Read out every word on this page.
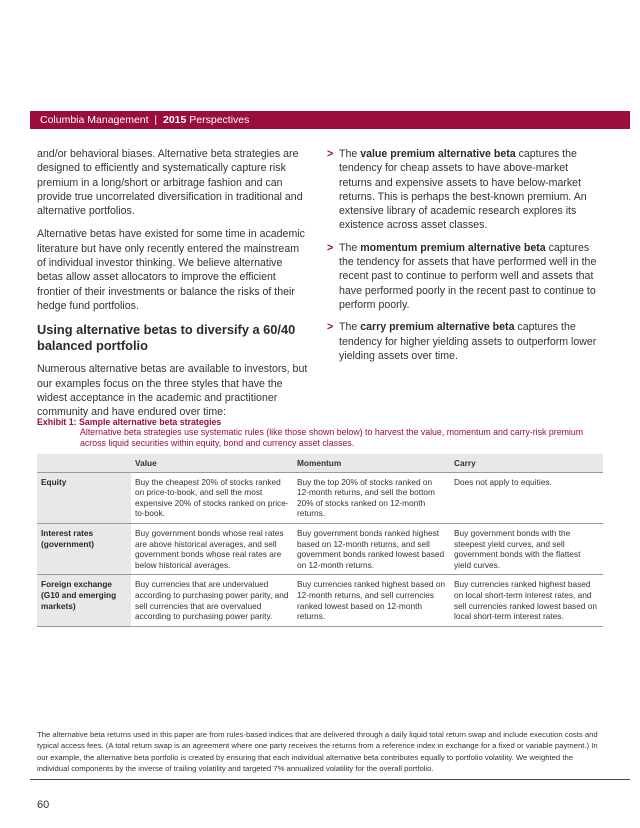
Columbia Management | 2015 Perspectives

and/or behavioral biases. Alternative beta strategies are designed to efficiently and systematically capture risk premium in a long/short or arbitrage fashion and can provide true uncorrelated diversification in traditional and alternative portfolios.

Alternative betas have existed for some time in academic literature but have only recently entered the mainstream of individual investor thinking. We believe alternative betas allow asset allocators to improve the efficient frontier of their investments or balance the risks of their hedge fund portfolios.

Using alternative betas to diversify a 60/40 balanced portfolio

Numerous alternative betas are available to investors, but our examples focus on the three styles that have the widest acceptance in the academic and practitioner community and have endured over time:

> The value premium alternative beta captures the tendency for cheap assets to have above-market returns and expensive assets to have below-market returns. This is perhaps the best-known premium. An extensive library of academic research explores its existence across asset classes.
> The momentum premium alternative beta captures the tendency for assets that have performed well in the recent past to continue to perform well and assets that have performed poorly in the recent past to continue to perform poorly.
> The carry premium alternative beta captures the tendency for higher yielding assets to outperform lower yielding assets over time.
Exhibit 1: Sample alternative beta strategies
Alternative beta strategies use systematic rules (like those shown below) to harvest the value, momentum and carry-risk premium across liquid securities within equity, bond and currency asset classes.
	Value	Momentum	Carry
Equity	Buy the cheapest 20% of stocks ranked on price-to-book, and sell the most expensive 20% of stocks ranked on price-to-book.	Buy the top 20% of stocks ranked on 12-month returns, and sell the bottom 20% of stocks ranked on 12-month returns.	Does not apply to equities.
Interest rates (government)	Buy government bonds whose real rates are above historical averages, and sell government bonds whose real rates are below historical averages.	Buy government bonds ranked highest based on 12-month returns, and sell government bonds ranked lowest based on 12-month returns.	Buy government bonds with the steepest yield curves, and sell government bonds with the flattest yield curves.
Foreign exchange (G10 and emerging markets)	Buy currencies that are undervalued according to purchasing power parity, and sell currencies that are overvalued according to purchasing power parity.	Buy currencies ranked highest based on 12-month returns, and sell currencies ranked lowest based on 12-month returns.	Buy currencies ranked highest based on local short-term interest rates, and sell currencies ranked lowest based on local short-term interest rates.

The alternative beta returns used in this paper are from rules-based indices that are delivered through a daily liquid total return swap and include execution costs and typical access fees. (A total return swap is an agreement where one party receives the returns from a reference index in exchange for a fixed or variable payment.) In our example, the alternative beta portfolio is created by ensuring that each individual alternative beta contributes equally to portfolio volatility. We weighted the individual components by the inverse of trailing volatility and targeted 7% annualized volatility for the overall portfolio.

60
